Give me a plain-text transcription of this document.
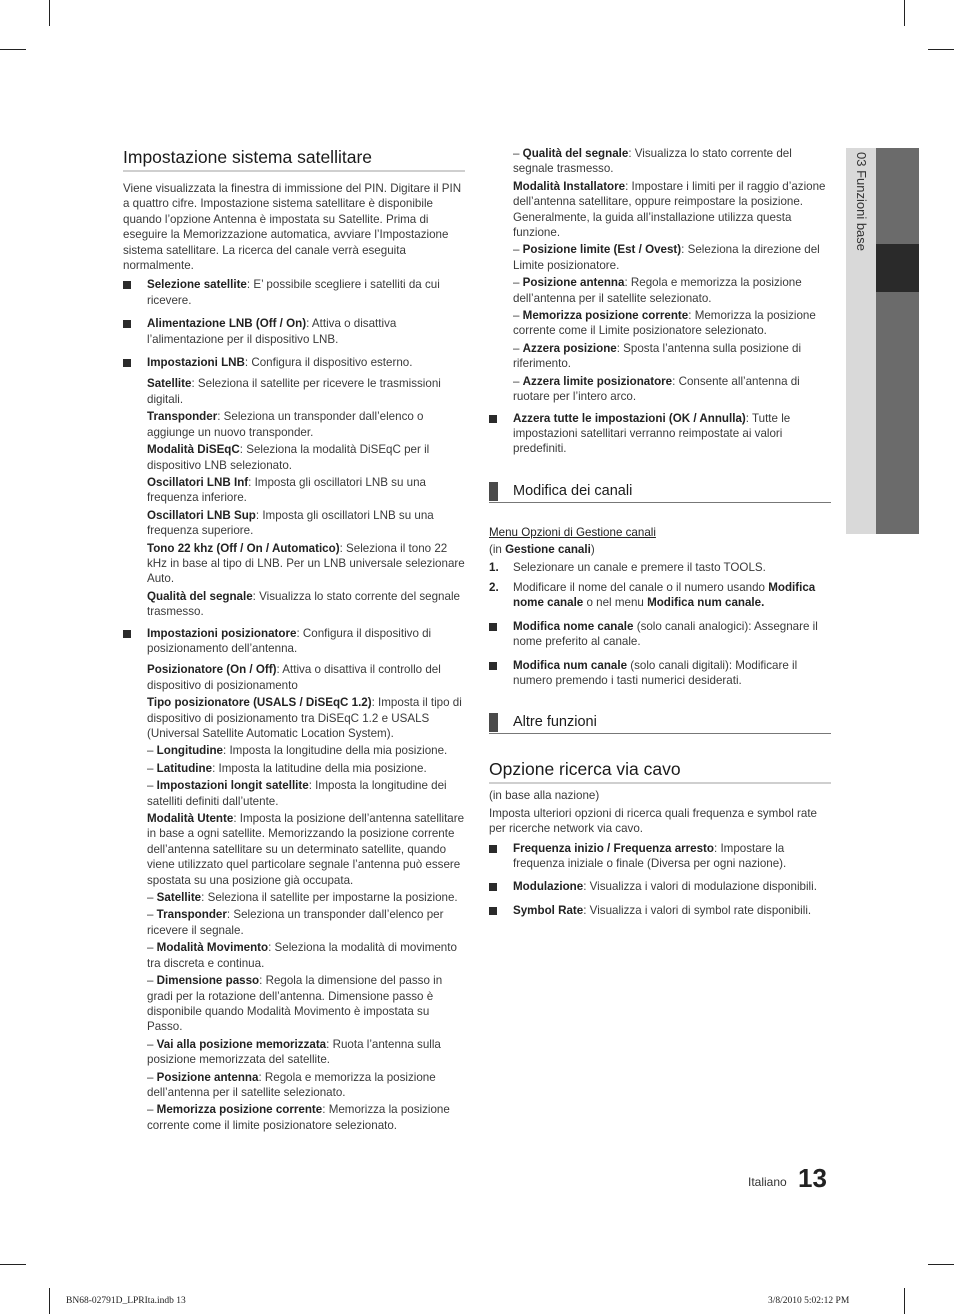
Impostazione sistema satellitare

Viene visualizzata la finestra di immissione del PIN. Digitare il PIN a quattro cifre. Impostazione sistema satellitare è disponibile quando l’opzione Antenna è impostata su Satellite. Prima di eseguire la Memorizzazione automatica, avviare l’Impostazione sistema satellitare. La ricerca del canale verrà eseguita normalmente.

Selezione satellite: E’ possibile scegliere i satelliti da cui ricevere.
Alimentazione LNB (Off / On): Attiva o disattiva l’alimentazione per il dispositivo LNB.
Impostazioni LNB: Configura il dispositivo esterno.

Satellite: Seleziona il satellite per ricevere le trasmissioni digitali.

Transponder: Seleziona un transponder dall’elenco o aggiunge un nuovo transponder.

Modalità DiSEqC: Seleziona la modalità DiSEqC per il dispositivo LNB selezionato.

Oscillatori LNB Inf: Imposta gli oscillatori LNB su una frequenza inferiore.

Oscillatori LNB Sup: Imposta gli oscillatori LNB su una frequenza superiore.

Tono 22 khz (Off / On / Automatico): Seleziona il tono 22 kHz in base al tipo di LNB. Per un LNB universale selezionare Auto.

Qualità del segnale: Visualizza lo stato corrente del segnale trasmesso.

Impostazioni posizionatore: Configura il dispositivo di posizionamento dell’antenna.

Posizionatore (On / Off): Attiva o disattiva il controllo del dispositivo di posizionamento

Tipo posizionatore (USALS / DiSEqC 1.2): Imposta il tipo di dispositivo di posizionamento tra DiSEqC 1.2 e USALS (Universal Satellite Automatic Location System).

– Longitudine: Imposta la longitudine della mia posizione.

– Latitudine: Imposta la latitudine della mia posizione.

– Impostazioni longit satellite: Imposta la longitudine dei satelliti definiti dall’utente.

Modalità Utente: Imposta la posizione dell’antenna satellitare in base a ogni satellite. Memorizzando la posizione corrente dell’antenna satellitare su un determinato satellite, quando viene utilizzato quel particolare segnale l’antenna può essere spostata su una posizione già occupata.

– Satellite: Seleziona il satellite per impostarne la posizione.

– Transponder: Seleziona un transponder dall’elenco per ricevere il segnale.

– Modalità Movimento: Seleziona la modalità di movimento tra discreta e continua.

– Dimensione passo: Regola la dimensione del passo in gradi per la rotazione dell’antenna. Dimensione passo è disponibile quando Modalità Movimento è impostata su Passo.

– Vai alla posizione memorizzata: Ruota l’antenna sulla posizione memorizzata del satellite.

– Posizione antenna: Regola e memorizza la posizione dell’antenna per il satellite selezionato.

– Memorizza posizione corrente: Memorizza la posizione corrente come il limite posizionatore selezionato.

– Qualità del segnale: Visualizza lo stato corrente del segnale trasmesso.

Modalità Installatore: Impostare i limiti per il raggio d’azione dell’antenna satellitare, oppure reimpostare la posizione. Generalmente, la guida all’installazione utilizza questa funzione.

– Posizione limite (Est / Ovest): Seleziona la direzione del Limite posizionatore.

– Posizione antenna: Regola e memorizza la posizione dell’antenna per il satellite selezionato.

– Memorizza posizione corrente: Memorizza la posizione corrente come il Limite posizionatore selezionato.

– Azzera posizione: Sposta l’antenna sulla posizione di riferimento.

– Azzera limite posizionatore: Consente all’antenna di ruotare per l’intero arco.

Azzera tutte le impostazioni (OK / Annulla): Tutte le impostazioni satellitari verranno reimpostate ai valori predefiniti.
Modifica dei canali

Menu Opzioni di Gestione canali

(in Gestione canali)

1. Selezionare un canale e premere il tasto TOOLS.
2. Modificare il nome del canale o il numero usando Modifica nome canale o nel menu Modifica num canale.
Modifica nome canale (solo canali analogici): Assegnare il nome preferito al canale.
Modifica num canale (solo canali digitali): Modificare il numero premendo i tasti numerici desiderati.
Altre funzioni
Opzione ricerca via cavo

(in base alla nazione)

Imposta ulteriori opzioni di ricerca quali frequenza e symbol rate per ricerche network via cavo.

Frequenza inizio / Frequenza arresto: Impostare la frequenza iniziale o finale (Diversa per ogni nazione).
Modulazione: Visualizza i valori di modulazione disponibili.
Symbol Rate: Visualizza i valori di symbol rate disponibili.
03 Funzioni base
Italiano 13
BN68-02791D_LPRIta.indb 13	3/8/2010 5:02:12 PM
